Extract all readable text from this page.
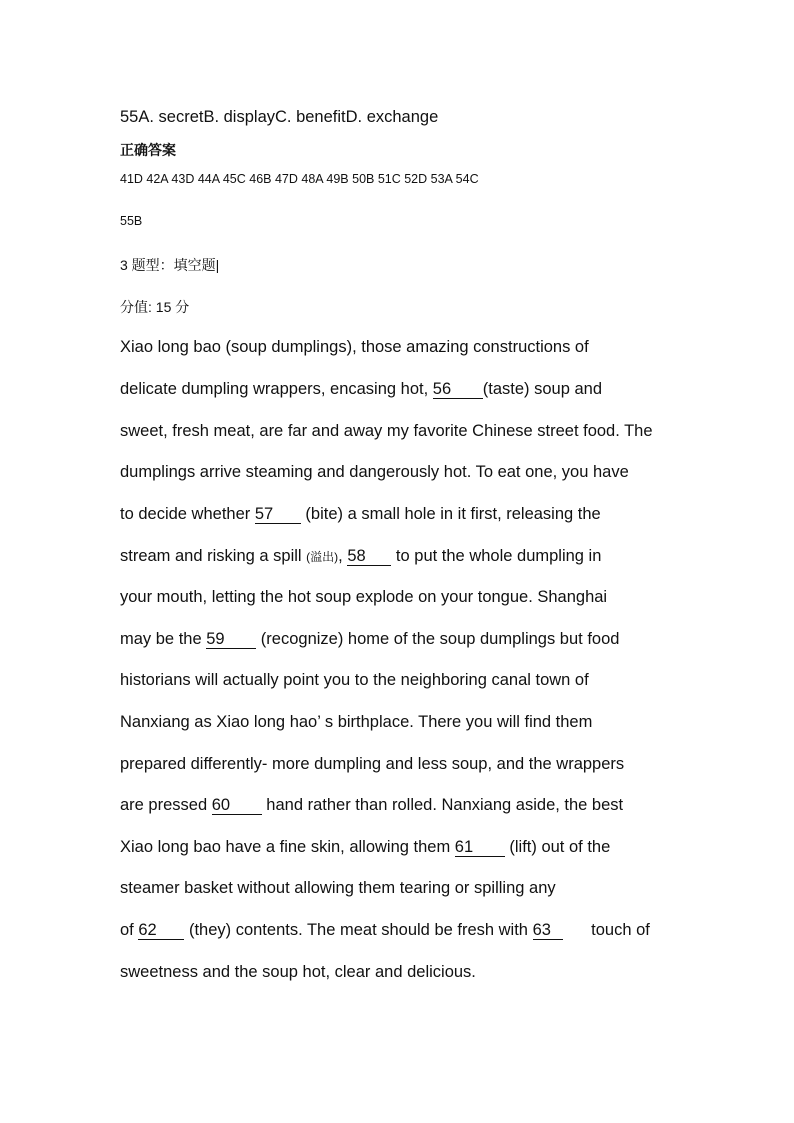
55A. secretB. displayC. benefitD. exchange
正确答案
41D 42A 43D 44A 45C 46B 47D 48A 49B 50B 51C 52D 53A 54C
55B
3 题型：填空题|
分值: 15 分
Xiao long bao (soup dumplings), those amazing constructions of
delicate dumpling wrappers, encasing hot, 56 (taste) soup and
sweet, fresh meat, are far and away my favorite Chinese street food. The
dumplings arrive steaming and dangerously hot. To eat one, you have
to decide whether 57 (bite) a small hole in it first, releasing the
stream and risking a spill (溢出), 58 to put the whole dumpling in
your mouth, letting the hot soup explode on your tongue. Shanghai
may be the 59 (recognize) home of the soup dumplings but food
historians will actually point you to the neighboring canal town of
Nanxiang as Xiao long hao’ s birthplace. There you will find them
prepared differently- more dumpling and less soup, and the wrappers
are pressed 60 hand rather than rolled. Nanxiang aside, the best
Xiao long bao have a fine skin, allowing them 61 (lift) out of the
steamer basket without allowing them tearing or spilling any
of 62 (they) contents. The meat should be fresh with 63 touch of
sweetness and the soup hot, clear and delicious.
